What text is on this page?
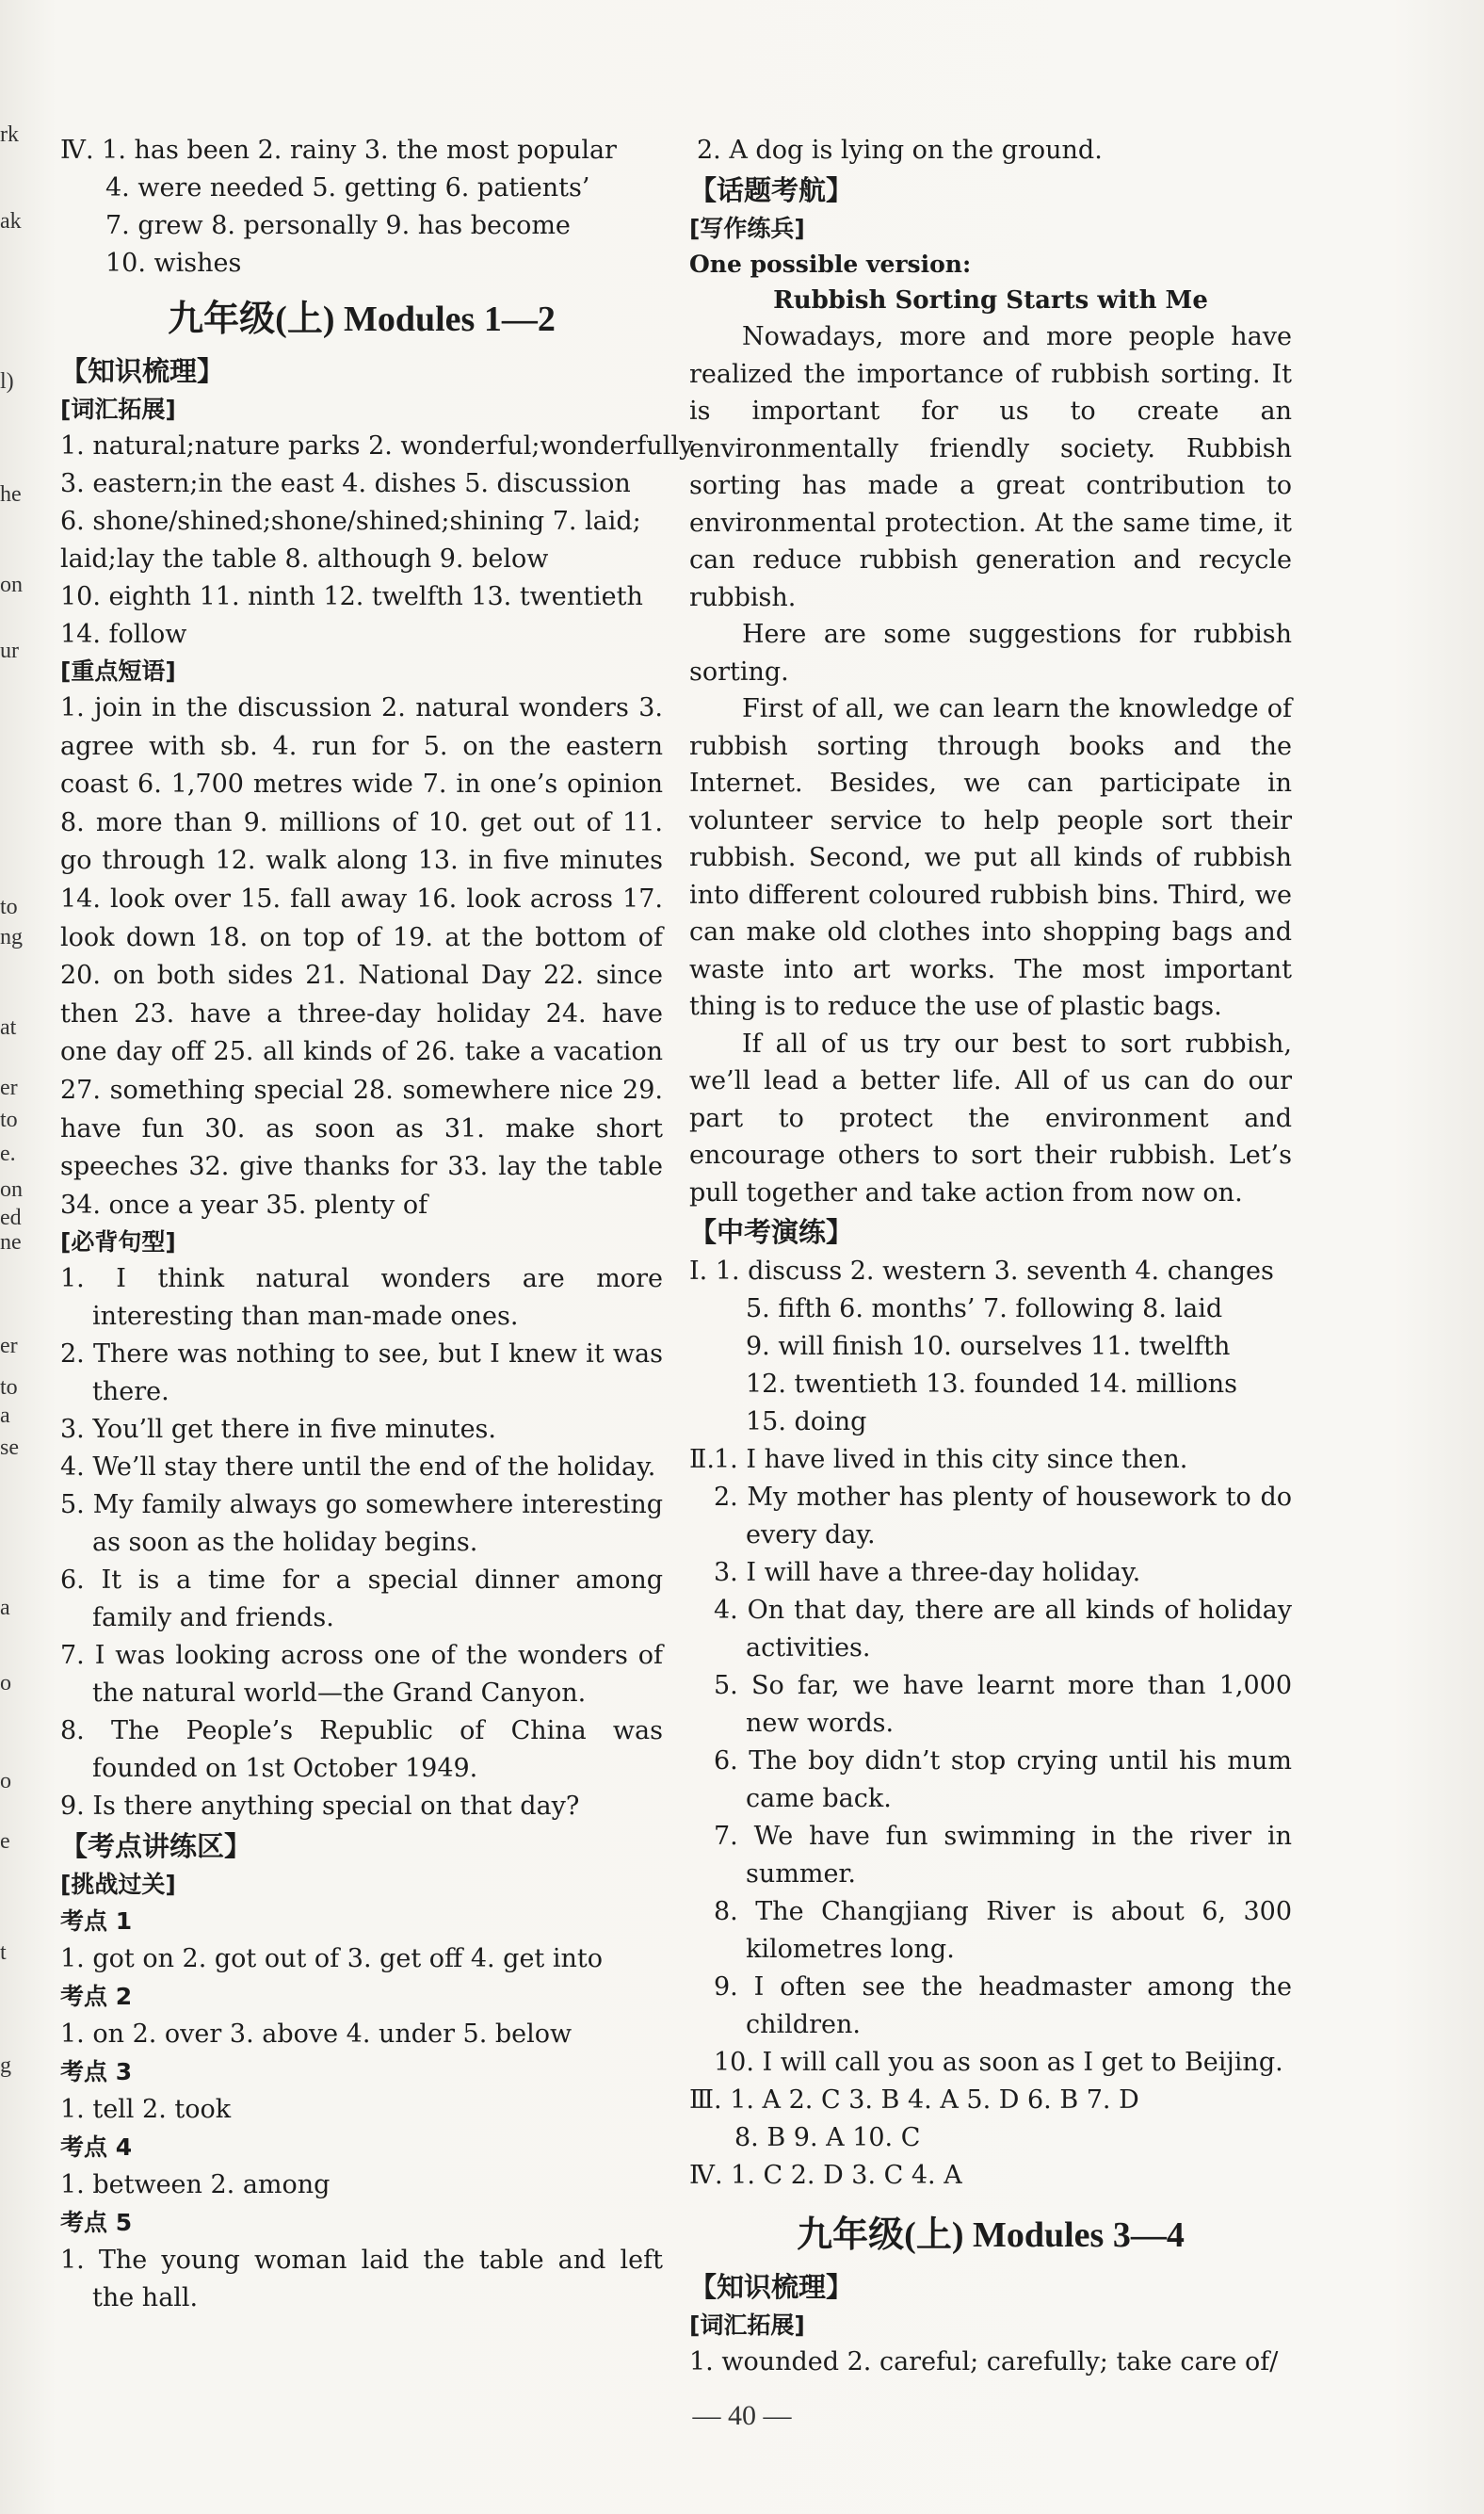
rk
ak
l)
he
on
ur
to
ng
at
er
to
e.
on
ed
ne
er
to
a
se
a
o
o
e
t
g
Ⅳ. 1. has been 2. rainy 3. the most popular
4. were needed 5. getting 6. patients’
7. grew 8. personally 9. has become
10. wishes
九年级(上) Modules 1—2
【知识梳理】
[词汇拓展]
1. natural;nature parks 2. wonderful;wonderfully
3. eastern;in the east 4. dishes 5. discussion
6. shone/shined;shone/shined;shining 7. laid;
laid;lay the table 8. although 9. below
10. eighth 11. ninth 12. twelfth 13. twentieth
14. follow
[重点短语]
1. join in the discussion 2. natural wonders 3. agree with sb. 4. run for 5. on the eastern coast 6. 1,700 metres wide 7. in one’s opinion 8. more than 9. millions of 10. get out of 11. go through 12. walk along 13. in five minutes 14. look over 15. fall away 16. look across 17. look down 18. on top of 19. at the bottom of 20. on both sides 21. National Day 22. since then 23. have a three-day holiday 24. have one day off 25. all kinds of 26. take a vacation 27. something special 28. somewhere nice 29. have fun 30. as soon as 31. make short speeches 32. give thanks for 33. lay the table 34. once a year 35. plenty of
[必背句型]
1. I think natural wonders are more interesting than man-made ones.
2. There was nothing to see, but I knew it was there.
3. You’ll get there in five minutes.
4. We’ll stay there until the end of the holiday.
5. My family always go somewhere interesting as soon as the holiday begins.
6. It is a time for a special dinner among family and friends.
7. I was looking across one of the wonders of the natural world—the Grand Canyon.
8. The People’s Republic of China was founded on 1st October 1949.
9. Is there anything special on that day?
【考点讲练区】
[挑战过关]
考点 1
1. got on 2. got out of 3. get off 4. get into
考点 2
1. on 2. over 3. above 4. under 5. below
考点 3
1. tell 2. took
考点 4
1. between 2. among
考点 5
1. The young woman laid the table and left the hall.
2. A dog is lying on the ground.
【话题考航】
[写作练兵]
One possible version:
Rubbish Sorting Starts with Me
Nowadays, more and more people have realized the importance of rubbish sorting. It is important for us to create an environmentally friendly society. Rubbish sorting has made a great contribution to environmental protection. At the same time, it can reduce rubbish generation and recycle rubbish.
Here are some suggestions for rubbish sorting.
First of all, we can learn the knowledge of rubbish sorting through books and the Internet. Besides, we can participate in volunteer service to help people sort their rubbish. Second, we put all kinds of rubbish into different coloured rubbish bins. Third, we can make old clothes into shopping bags and waste into art works. The most important thing is to reduce the use of plastic bags.
If all of us try our best to sort rubbish, we’ll lead a better life. All of us can do our part to protect the environment and encourage others to sort their rubbish. Let’s pull together and take action from now on.
【中考演练】
Ⅰ. 1. discuss 2. western 3. seventh 4. changes
5. fifth 6. months’ 7. following 8. laid
9. will finish 10. ourselves 11. twelfth
12. twentieth 13. founded 14. millions
15. doing
Ⅱ. 1. I have lived in this city since then.
2. My mother has plenty of housework to do every day.
3. I will have a three-day holiday.
4. On that day, there are all kinds of holiday activities.
5. So far, we have learnt more than 1,000 new words.
6. The boy didn’t stop crying until his mum came back.
7. We have fun swimming in the river in summer.
8. The Changjiang River is about 6, 300 kilometres long.
9. I often see the headmaster among the children.
10. I will call you as soon as I get to Beijing.
Ⅲ. 1. A 2. C 3. B 4. A 5. D 6. B 7. D
8. B 9. A 10. C
Ⅳ. 1. C 2. D 3. C 4. A
九年级(上) Modules 3—4
【知识梳理】
[词汇拓展]
1. wounded 2. careful; carefully; take care of/
— 40 —
